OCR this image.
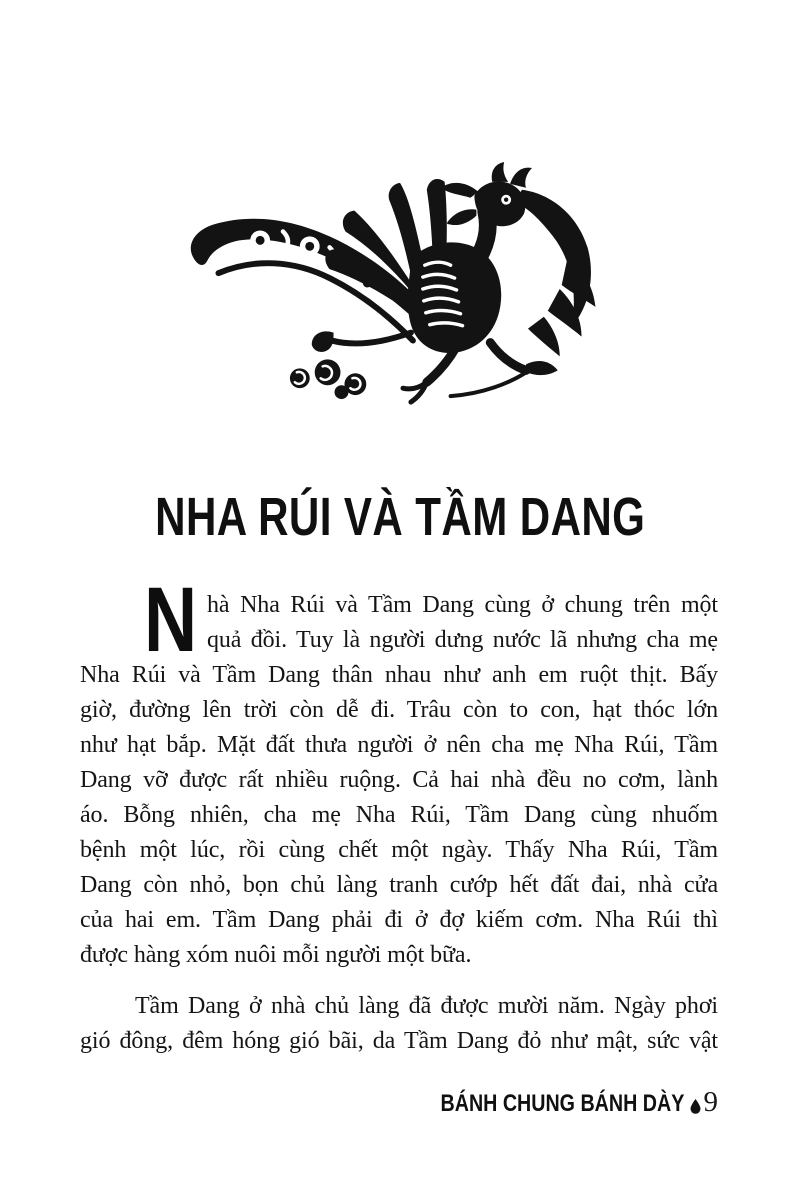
NHA RÚI VÀ TẦM DANG
N hà Nha Rúi và Tầm Dang cùng ở chung trên một
quả đồi. Tuy là người dưng nước lã nhưng cha mẹ
Nha Rúi và Tầm Dang thân nhau như anh em ruột thịt. Bấy
giờ, đường lên trời còn dễ đi. Trâu còn to con, hạt thóc lớn
như hạt bắp. Mặt đất thưa người ở nên cha mẹ Nha Rúi, Tầm
Dang vỡ được rất nhiều ruộng. Cả hai nhà đều no cơm, lành
áo. Bỗng nhiên, cha mẹ Nha Rúi, Tầm Dang cùng nhuốm
bệnh một lúc, rồi cùng chết một ngày. Thấy Nha Rúi, Tầm
Dang còn nhỏ, bọn chủ làng tranh cướp hết đất đai, nhà cửa
của hai em. Tầm Dang phải đi ở đợ kiếm cơm. Nha Rúi thì
được hàng xóm nuôi mỗi người một bữa.
Tầm Dang ở nhà chủ làng đã được mười năm. Ngày phơi
gió đông, đêm hóng gió bãi, da Tầm Dang đỏ như mật, sức vật
BÁNH CHUNG BÁNH DÀY 9
